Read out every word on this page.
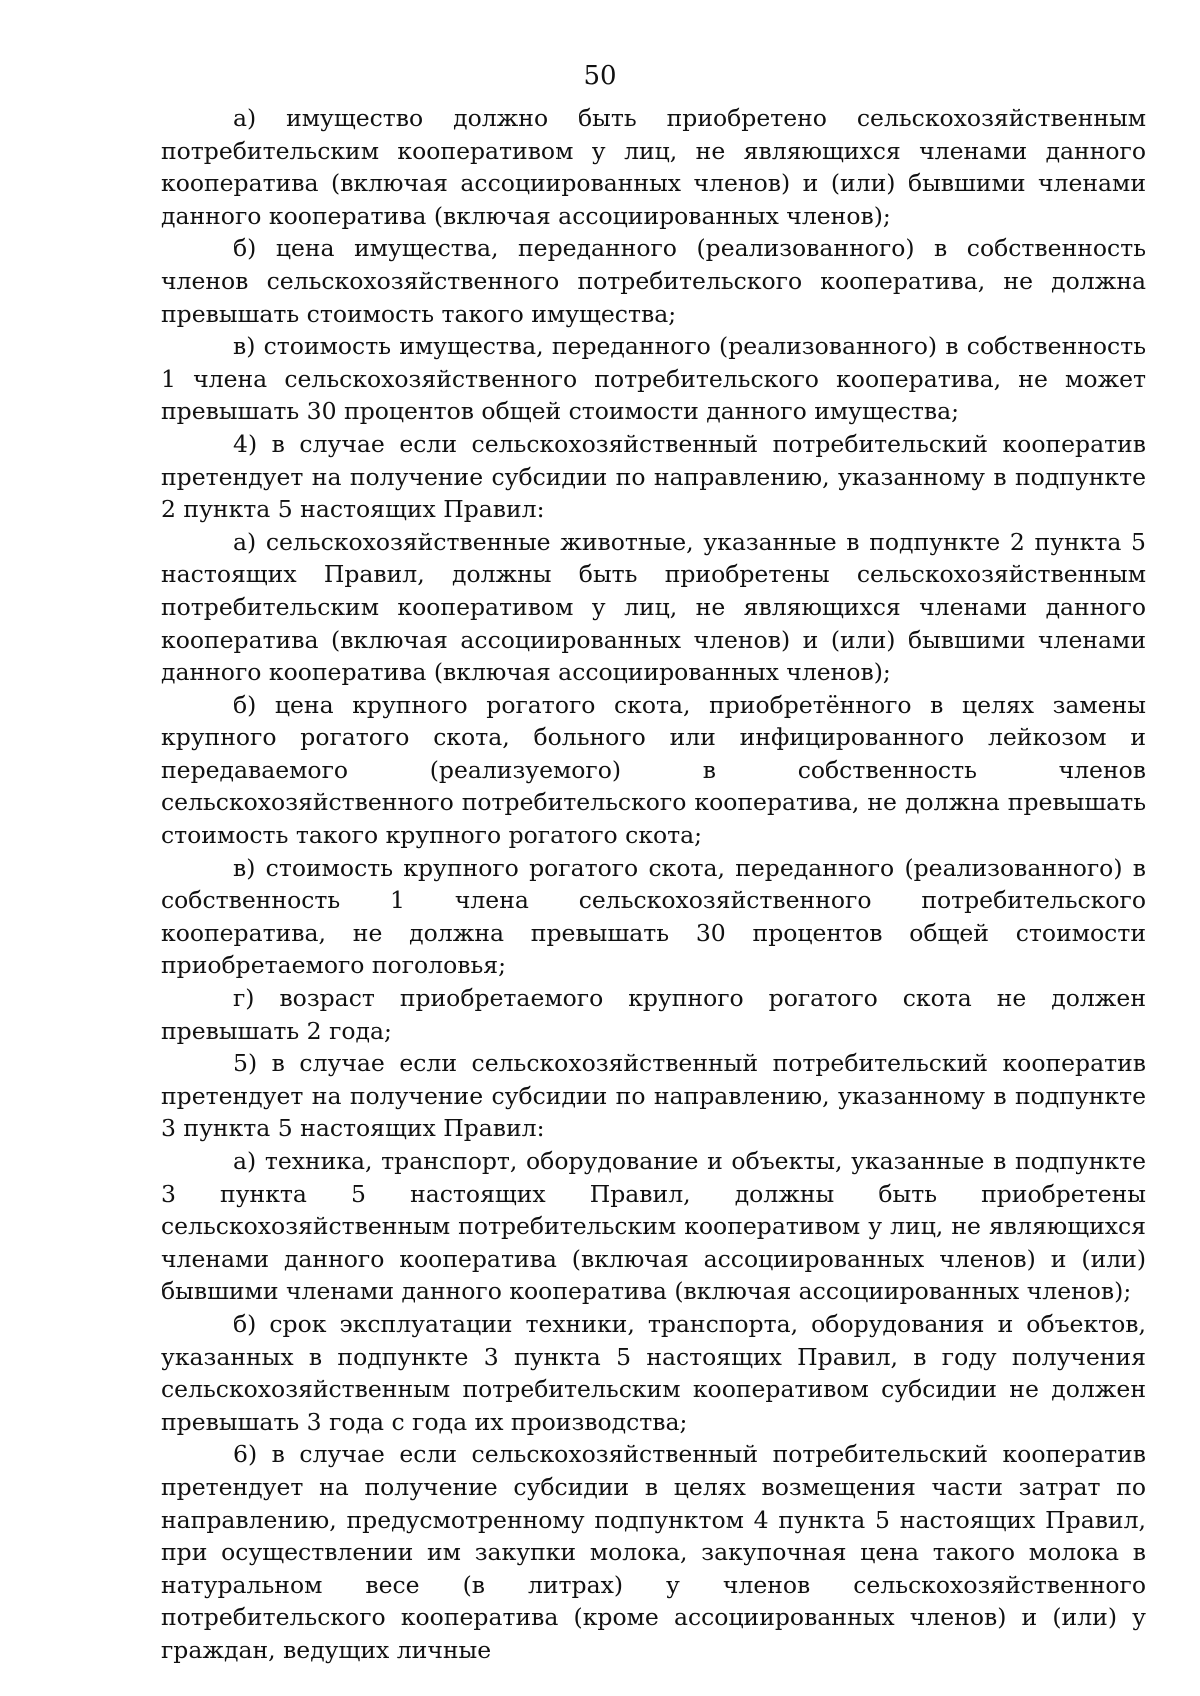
50

а) имущество должно быть приобретено сельскохозяйственным потребительским кооперативом у лиц, не являющихся членами данного кооператива (включая ассоциированных членов) и (или) бывшими членами данного кооператива (включая ассоциированных членов);

б) цена имущества, переданного (реализованного) в собственность членов сельскохозяйственного потребительского кооператива, не должна превышать стоимость такого имущества;

в) стоимость имущества, переданного (реализованного) в собственность 1 члена сельскохозяйственного потребительского кооператива, не может превышать 30 процентов общей стоимости данного имущества;

4) в случае если сельскохозяйственный потребительский кооператив претендует на получение субсидии по направлению, указанному в подпункте 2 пункта 5 настоящих Правил:

а) сельскохозяйственные животные, указанные в подпункте 2 пункта 5 настоящих Правил, должны быть приобретены сельскохозяйственным потребительским кооперативом у лиц, не являющихся членами данного кооператива (включая ассоциированных членов) и (или) бывшими членами данного кооператива (включая ассоциированных членов);

б) цена крупного рогатого скота, приобретённого в целях замены крупного рогатого скота, больного или инфицированного лейкозом и передаваемого (реализуемого) в собственность членов сельскохозяйственного потребительского кооператива, не должна превышать стоимость такого крупного рогатого скота;

в) стоимость крупного рогатого скота, переданного (реализованного) в собственность 1 члена сельскохозяйственного потребительского кооператива, не должна превышать 30 процентов общей стоимости приобретаемого поголовья;

г) возраст приобретаемого крупного рогатого скота не должен превышать 2 года;

5) в случае если сельскохозяйственный потребительский кооператив претендует на получение субсидии по направлению, указанному в подпункте 3 пункта 5 настоящих Правил:

а) техника, транспорт, оборудование и объекты, указанные в подпункте 3 пункта 5 настоящих Правил, должны быть приобретены сельскохозяйственным потребительским кооперативом у лиц, не являющихся членами данного кооператива (включая ассоциированных членов) и (или) бывшими членами данного кооператива (включая ассоциированных членов);

б) срок эксплуатации техники, транспорта, оборудования и объектов, указанных в подпункте 3 пункта 5 настоящих Правил, в году получения сельскохозяйственным потребительским кооперативом субсидии не должен превышать 3 года с года их производства;

6) в случае если сельскохозяйственный потребительский кооператив претендует на получение субсидии в целях возмещения части затрат по направлению, предусмотренному подпунктом 4 пункта 5 настоящих Правил, при осуществлении им закупки молока, закупочная цена такого молока в натуральном весе (в литрах) у членов сельскохозяйственного потребительского кооператива (кроме ассоциированных членов) и (или) у граждан, ведущих личные
